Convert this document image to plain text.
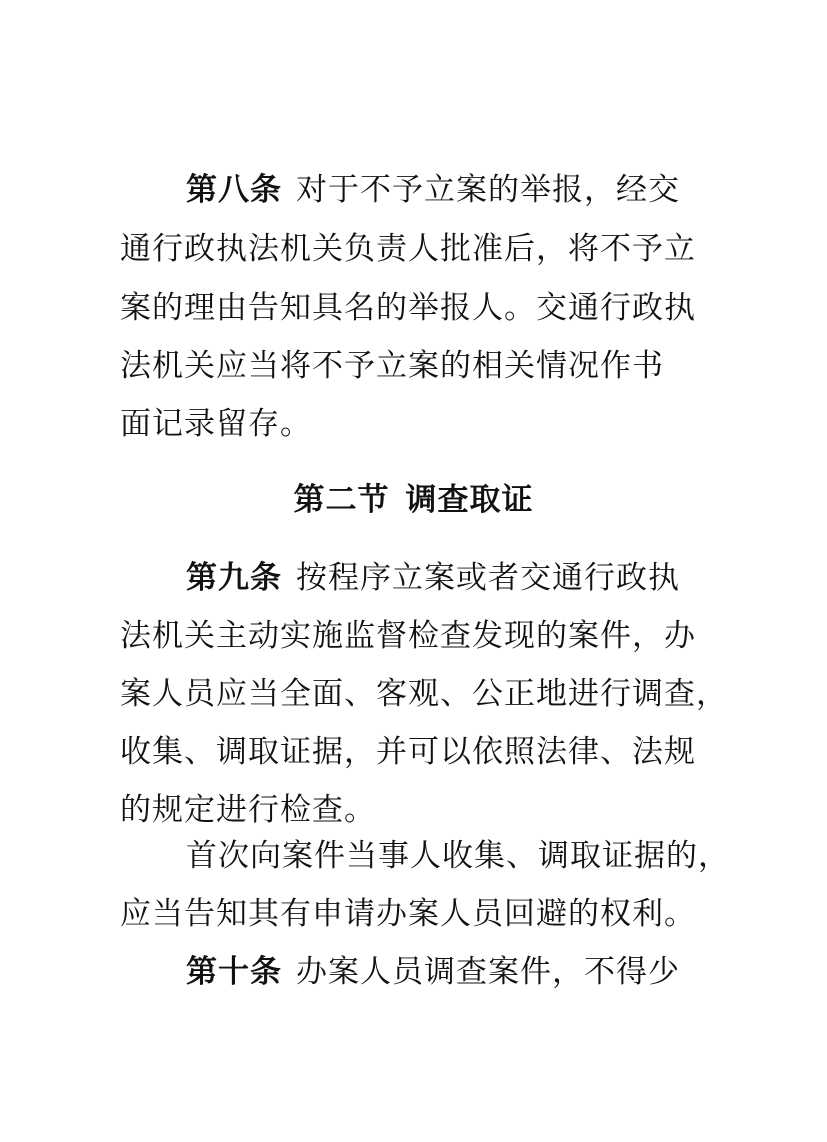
第八条 对于不予立案的举报，经交
通行政执法机关负责人批准后，将不予立
案的理由告知具名的举报人。交通行政执
法机关应当将不予立案的相关情况作书
面记录留存。
第二节 调查取证
第九条 按程序立案或者交通行政执
法机关主动实施监督检查发现的案件，办
案人员应当全面、客观、公正地进行调查，
收集、调取证据，并可以依照法律、法规
的规定进行检查。
首次向案件当事人收集、调取证据的，
应当告知其有申请办案人员回避的权利。
第十条 办案人员调查案件，不得少
